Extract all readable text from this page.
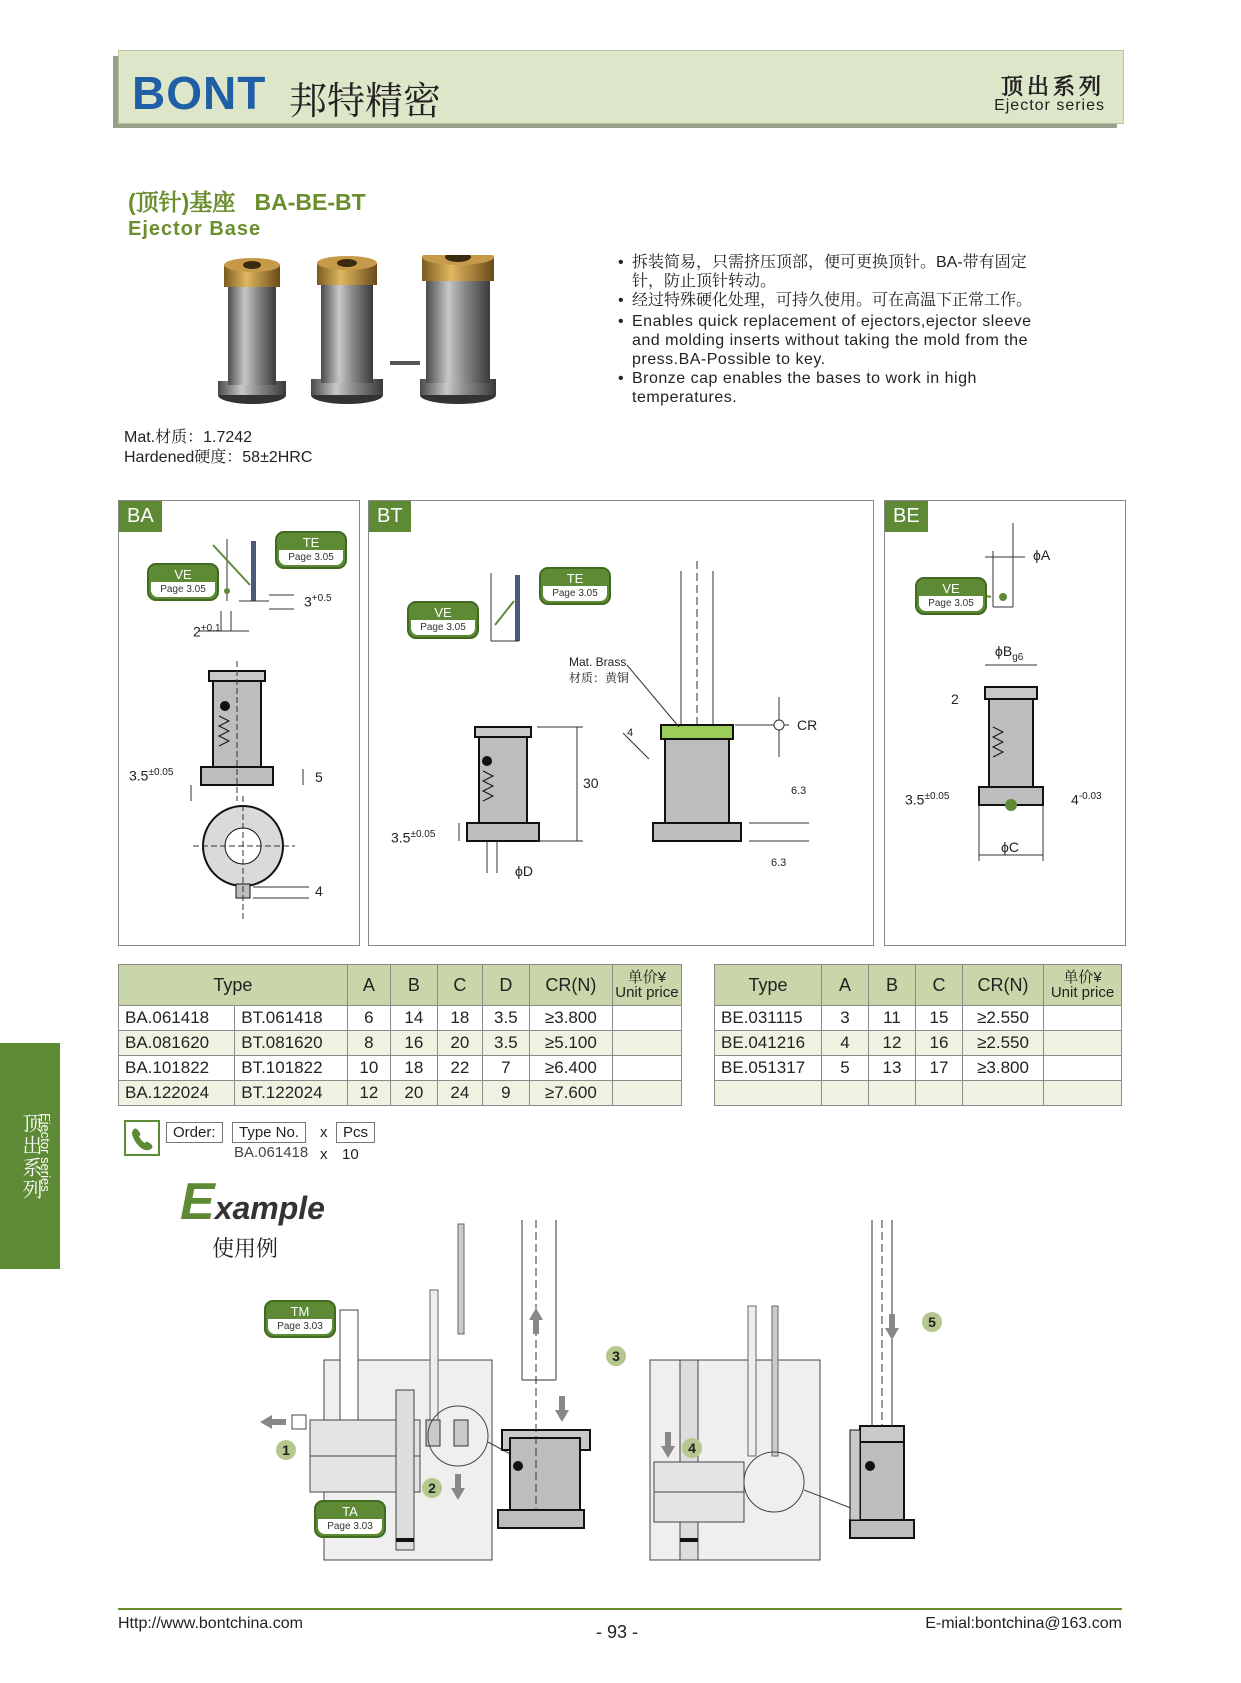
BONT 邦特精密	顶出系列
Ejector series
(顶针)基座   BA-BE-BT
Ejector Base
• 拆装简易，只需挤压顶部，便可更换顶针。BA-带有固定针，防止顶针转动。
• 经过特殊硬化处理，可持久使用。可在高温下正常工作。
• Enables quick replacement of ejectors,ejector sleeve and molding inserts without taking the mold from the press.BA-Possible to key.
• Bronze cap enables the bases to work in high temperatures.
Mat.材质：1.7242
Hardened硬度：58±2HRC
BA
VE
Page 3.05
TE
Page 3.05
$3^{+0.5}$
$2^{+0.1}$
$3.5^{\pm 0.05}$	5
4
BT
VE
Page 3.05
TE
Page 3.05
Mat. Brass
材质：黄铜
30
$3.5^{\pm 0.05}$
ϕD
CR
4
6.3
6.3
BE
VE
Page 3.05
ϕA
$\phi B_{g6}$
2
$3.5^{\pm 0.05}$	$4^{-0.03}$
ϕC
Type		A	B	C	D	CR(N)	单价¥
Unit price

BA.061418	BT.061418	6	14	18	3.5	≥3.800	
BA.081620	BT.081620	8	16	20	3.5	≥5.100	
BA.101822	BT.101822	10	18	22	7	≥6.400	
BA.122024	BT.122024	12	20	24	9	≥7.600	
Type	A	B	C	CR(N)	单价¥
Unit price

BE.031115	3	11	15	≥2.550	
BE.041216	4	12	16	≥2.550	
BE.051317	5	13	17	≥3.800	

Order:	Type No.	x	Pcs
BA.061418 x 10
顶出系列
Ejector series
Example
使用例
TM
Page 3.03
TA
Page 3.03
1
2
3
4
5
Http://www.bontchina.com	- 93 -	E-mial:bontchina@163.com
